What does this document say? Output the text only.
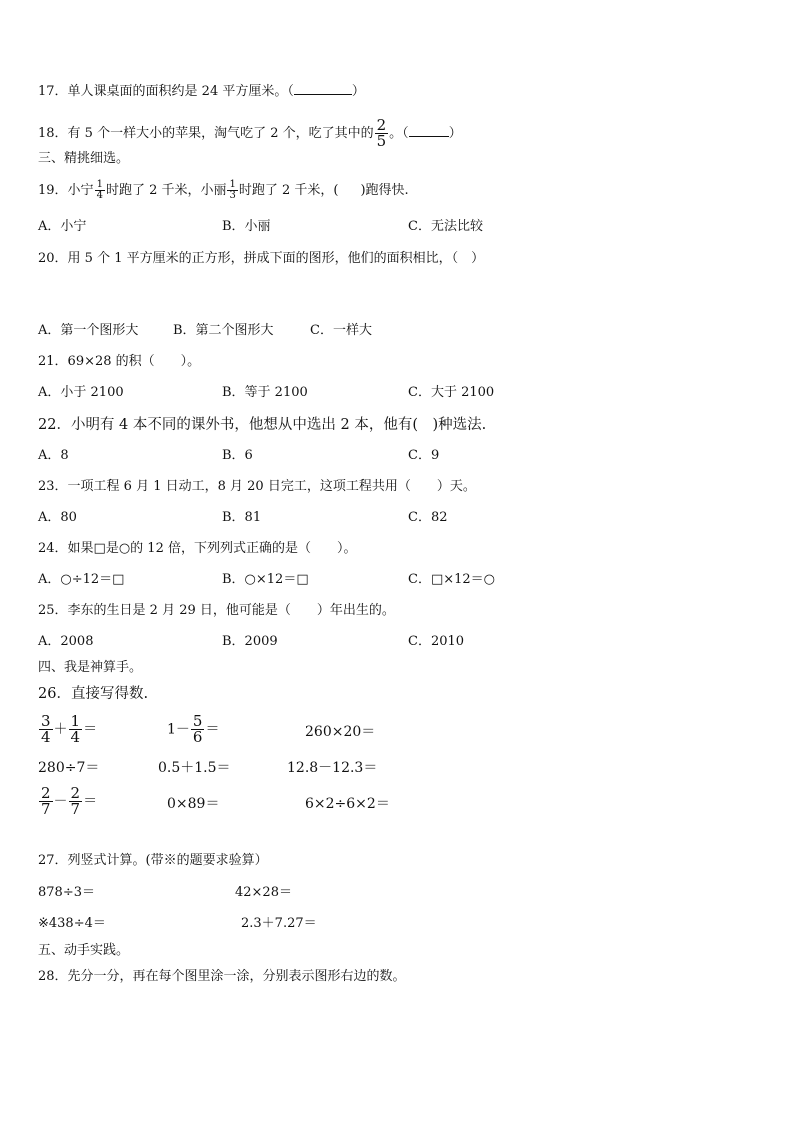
17．单人课桌面的面积约是 24 平方厘米。（	）
18．有 5 个一样大小的苹果，淘气吃了 2 个，吃了其中的 $\frac{2}{5}$ 。（	）
三、精挑细选。
19．小宁 $\frac{1}{4}$ 时跑了 2 千米，小丽 $\frac{1}{3}$ 时跑了 2 千米，( )跑得快.
A．小宁	B．小丽	C．无法比较
20．用 5 个 1 平方厘米的正方形，拼成下面的图形，他们的面积相比，（　）
A．第一个图形大	B．第二个图形大	C．一样大
21．69×28 的积（　　）。
A．小于 2100	B．等于 2100	C．大于 2100
22．小明有 4 本不同的课外书，他想从中选出 2 本，他有(　)种选法.
A．8	B．6	C．9
23．一项工程 6 月 1 日动工，8 月 20 日完工，这项工程共用（　　）天。
A．80	B．81	C．82
24．如果□是○的 12 倍，下列列式正确的是（　　）。
A．○÷12＝□	B．○×12＝□	C．□×12＝○
25．李东的生日是 2 月 29 日，他可能是（　　）年出生的。
A．2008	B．2009	C．2010
四、我是神算手。
26．直接写得数.
$\frac{3}{4} + \frac{1}{4}$ ＝	$1- \frac{5}{6}$ ＝	260×20＝
280÷7＝	0.5＋1.5＝	12.8－12.3＝
$\frac{2}{7} - \frac{2}{7}$ ＝	0×89＝	6×2÷6×2＝
27．列竖式计算。(带※的题要求验算）
878÷3＝	42×28＝
※438÷4＝	2.3＋7.27＝
五、动手实践。
28．先分一分，再在每个图里涂一涂，分别表示图形右边的数。
